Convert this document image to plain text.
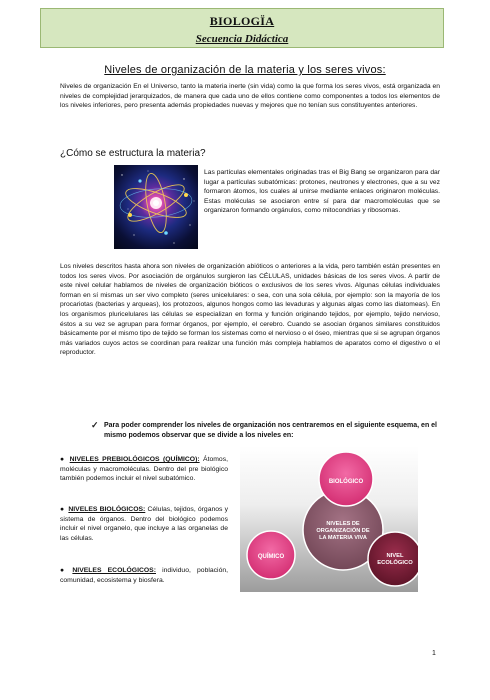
BIOLOGÏA
Secuencia Didáctica
Niveles de organización de la materia y los seres vivos:

Niveles de organización En el Universo, tanto la materia inerte (sin vida) como la que forma los seres vivos, está organizada en niveles de complejidad jerarquizados, de manera que cada uno de ellos contiene como componentes a todos los elementos de los niveles inferiores, pero presenta además propiedades nuevas y mejores que no tenían sus constituyentes anteriores.

¿Cómo se estructura la materia?

Las partículas elementales originadas tras el Big Bang se organizaron para dar lugar a partículas subatómicas: protones, neutrones y electrones, que a su vez formaron átomos, los cuales al unirse mediante enlaces originaron moléculas. Estas moléculas se asociaron entre sí para dar macromoléculas que se organizaron formando orgánulos, como mitocondrias y ribosomas.

Los niveles descritos hasta ahora son niveles de organización abióticos o anteriores a la vida, pero también están presentes en todos los seres vivos. Por asociación de orgánulos surgieron las CÉLULAS, unidades básicas de los seres vivos. A partir de este nivel celular hablamos de niveles de organización bióticos o exclusivos de los seres vivos. Algunas células individuales forman en sí mismas un ser vivo completo (seres unicelulares: o sea, con una sola célula, por ejemplo: son la mayoría de los procariotas (bacterias y arqueas), los protozoos, algunos hongos como las levaduras y algunas algas como las diatomeas). En los organismos pluricelulares las células se especializan en forma y función originando tejidos, por ejemplo, tejido nervioso, éstos a su vez se agrupan para formar órganos, por ejemplo, el cerebro. Cuando se asocian órganos similares constituidos básicamente por el mismo tipo de tejido se forman los sistemas como el nervioso o el óseo, mientras que si se agrupan órganos más variados cuyos actos se coordinan para realizar una función más compleja hablamos de aparatos como el digestivo o el reproductor.

✓ Para poder comprender los niveles de organización nos centraremos en el siguiente esquema, en el mismo podemos observar que se divide a los niveles en:

● NIVELES PREBIOLÓGICOS (QUÍMICO): Átomos, moléculas y macromoléculas. Dentro del pre biológico también podemos incluir el nivel subatómico.

● NIVELES BIOLÓGICOS: Células, tejidos, órganos y sistema de órganos. Dentro del biológico podemos incluir el nivel organelo, que incluye a las organelas de las células.

● NIVELES ECOLÓGICOS: individuo, población, comunidad, ecosistema y biosfera.

BIOLÓGICO
NIVELES DE
ORGANIZACIÓN DE
LA MATERIA VIVA
QUÍMICO	NIVEL
ECOLÓGICO
1
